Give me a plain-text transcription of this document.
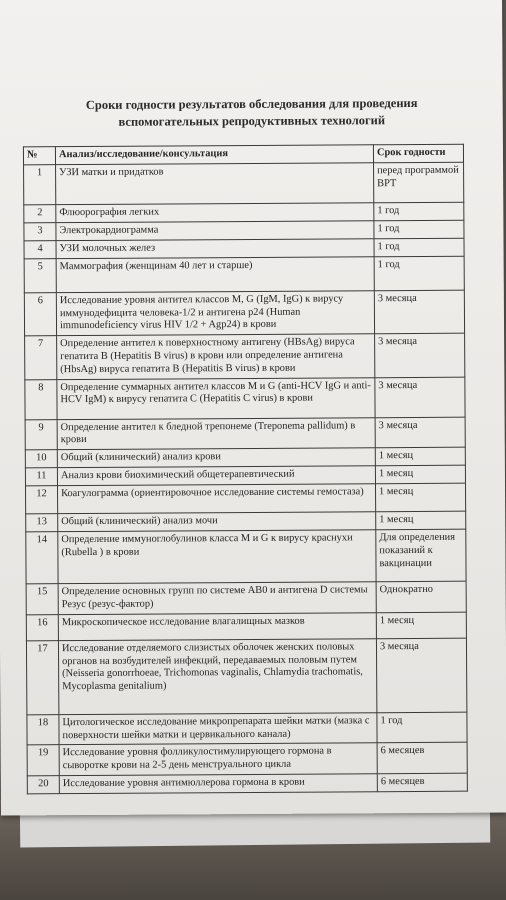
Сроки годности результатов обследования для проведения
вспомогательных репродуктивных технологий
№	Анализ/исследование/консультация	Срок годности
1	УЗИ матки и придатков	перед программой ВРТ
2	Флюорография легких	1 год
3	Электрокардиограмма	1 год
4	УЗИ молочных желез	1 год
5	Маммография (женщинам 40 лет и старше)	1 год
6	Исследование уровня антител классов M, G (IgM, IgG) к вирусу иммунодефицита человека-1/2 и антигена p24 (Human immunodeficiency virus HIV 1/2 + Agp24) в крови	3 месяца
7	Определение антител к поверхностному антигену (HBsAg) вируса гепатита B (Hepatitis B virus) в крови или определение антигена (HbsAg) вируса гепатита B (Hepatitis B virus) в крови	3 месяца
8	Определение суммарных антител классов M и G (anti-HCV IgG и anti-HCV IgM) к вирусу гепатита C (Hepatitis C virus) в крови	3 месяца
9	Определение антител к бледной трепонеме (Treponema pallidum) в крови	3 месяца
10	Общий (клинический) анализ крови	1 месяц
11	Анализ крови биохимический общетерапевтический	1 месяц
12	Коагулограмма (ориентировочное исследование системы гемостаза)	1 месяц
13	Общий (клинический) анализ мочи	1 месяц
14	Определение иммуноглобулинов класса M и G к вирусу краснухи (Rubella ) в крови	Для определения показаний к вакцинации
15	Определение основных групп по системе AB0 и антигена D системы Резус (резус-фактор)	Однократно
16	Микроскопическое исследование влагалищных мазков	1 месяц
17	Исследование отделяемого слизистых оболочек женских половых органов на возбудителей инфекций, передаваемых половым путем (Neisseria gonorrhoeae, Trichomonas vaginalis, Chlamydia trachomatis, Mycoplasma genitalium)	3 месяца
18	Цитологическое исследование микропрепарата шейки матки (мазка с поверхности шейки матки и цервикального канала)	1 год
19	Исследование уровня фолликулостимулирующего гормона в сыворотке крови на 2-5 день менструального цикла	6 месяцев
20	Исследование уровня антимюллерова гормона в крови	6 месяцев
